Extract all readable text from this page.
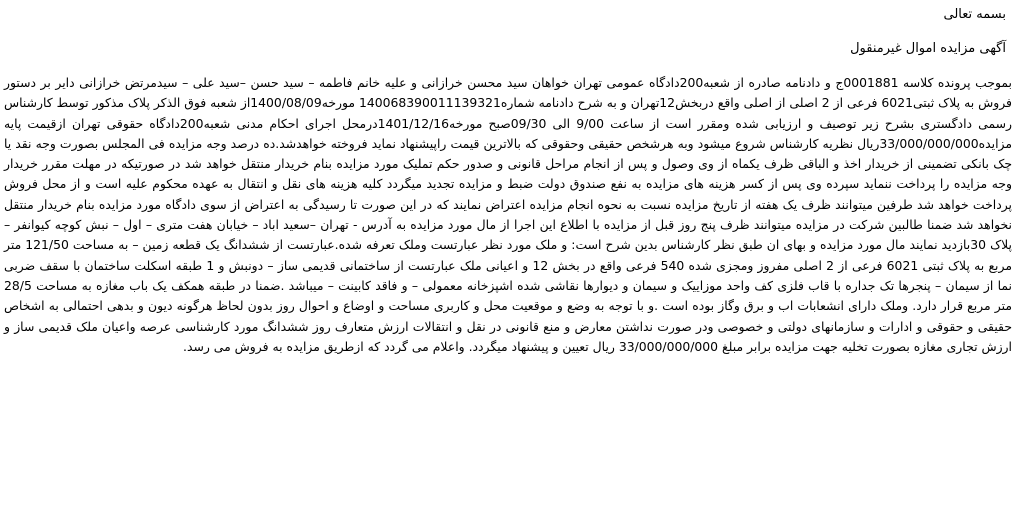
بسمه تعالی
آگهی مزایده اموال غیرمنقول
بموجب پرونده کلاسه 0001881ج و دادنامه صادره از شعبه200دادگاه عمومی تهران خواهان سید محسن خرازانی و علیه خانم فاطمه – سید حسن –سید علی – سیدمرتض خرازانی دایر بر دستور فروش به پلاک ثبتی6021 فرعی از 2 اصلی از اصلی واقع دربخش12تهران و به شرح دادنامه شماره140068390011139321 مورخه1400/08/09از شعبه فوق الذکر پلاک مذکور توسط کارشناس رسمی دادگستری بشرح زیر توصیف و ارزیابی شده ومقرر است از ساعت 9/00 الی 09/30صبح مورخه1401/12/16درمحل اجرای احکام مدنی شعبه200دادگاه حقوقی تهران ازقیمت پایه مزایده33/000/000/000ریال نظریه کارشناس شروع میشود وبه هرشخص حقیقی وحقوقی که بالاترین قیمت راپیشنهاد نماید فروخته خواهدشد.ده درصد وجه مزایده فی المجلس بصورت وجه نقد یا چک بانکی تضمینی از خریدار اخذ و الباقی ظرف یکماه از وی وصول و پس از انجام مراحل قانونی و صدور حکم تملیک مورد مزایده بنام خریدار منتقل خواهد شد در صورتیکه در مهلت مقرر خریدار وجه مزایده را پرداخت ننماید سپرده وی پس از کسر هزینه های مزایده به نفع صندوق دولت ضبط و مزایده تجدید میگردد کلیه هزینه های نقل و انتقال به عهده محکوم علیه است و از محل فروش پرداخت خواهد شد طرفین میتوانند ظرف یک هفته از تاریخ مزایده نسبت به نحوه انجام مزایده اعتراض نمایند که در این صورت تا رسیدگی به اعتراض از سوی دادگاه مورد مزایده بنام خریدار منتقل نخواهد شد ضمنا طالبین شرکت در مزایده میتوانند ظرف پنج روز قبل از مزایده با اطلاع این اجرا از مال مورد مزایده به آدرس - تهران –سعید اباد – خیابان هفت متری – اول – نبش کوچه کیوانفر – پلاک 30بازدید نمایند مال مورد مزایده و بهای ان طبق نظر کارشناس بدین شرح است: و ملک مورد نظر عبارتست وملک تعرفه شده.عبارتست از ششدانگ یک قطعه زمین – به مساحت 121/50 متر مربع به پلاک ثبتی 6021 فرعی از 2 اصلی مفروز ومجزی شده 540 فرعی واقع در بخش 12 و اعیانی ملک عبارتست از ساختمانی قدیمی ساز – دونبش و 1 طبقه اسکلت ساختمان با سقف ضربی نما از سیمان – پنجرها تک جداره با قاب فلزی کف واحد موزاییک و سیمان و دیوارها نقاشی شده اشپزخانه معمولی – و فاقد کابینت – میباشد .ضمنا در طبقه همکف یک باب مغازه به مساحت 28/5 متر مربع قرار دارد. وملک دارای انشعابات اب و برق وگاز بوده است .و با توجه به وضع و موقعیت محل و کاربری مساحت و اوضاع و احوال روز بدون لحاظ هرگونه دیون و بدهی احتمالی به اشخاص حقیقی و حقوقی و ادارات و سازمانهای دولتی و خصوصی ودر صورت نداشتن معارض و منع قانونی در نقل و انتقالات ارزش متعارف روز ششدانگ مورد کارشناسی عرصه واعیان ملک قدیمی ساز و ارزش تجاری مغازه بصورت تخلیه جهت مزایده برابر مبلغ 33/000/000/000 ریال تعیین و پیشنهاد میگردد. واعلام می گردد که ازطریق مزایده به فروش می رسد.
